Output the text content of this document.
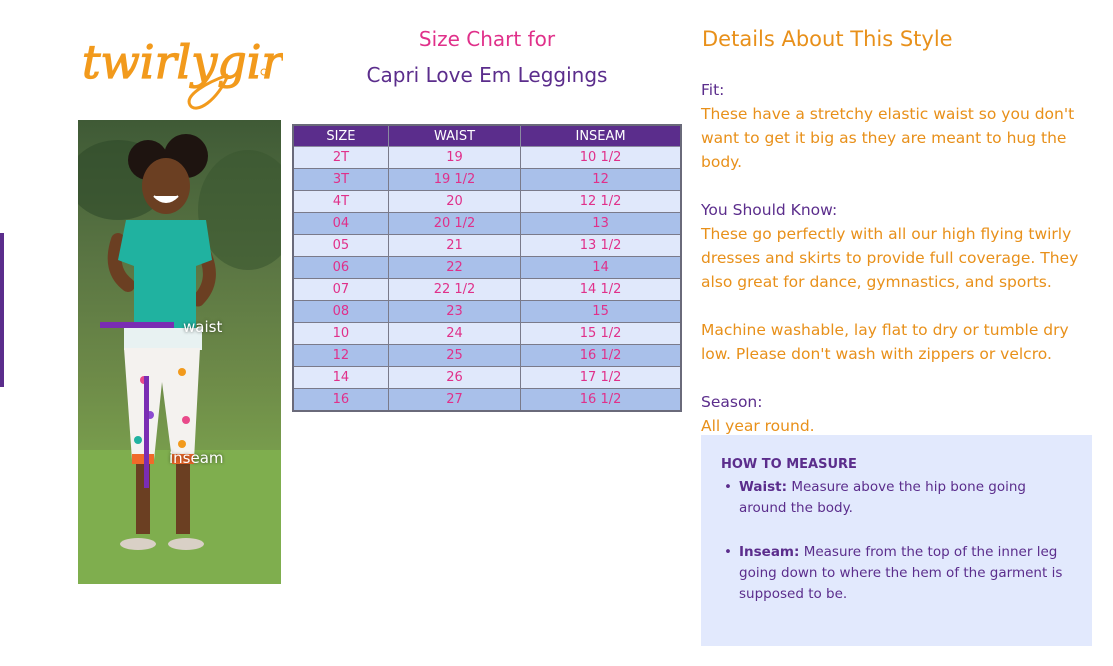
twirlygirl
waist
inseam
Size Chart for
Capri Love Em Leggings
SIZE	WAIST	INSEAM
2T	19	10 1/2
3T	19 1/2	12
4T	20	12 1/2
04	20 1/2	13
05	21	13 1/2
06	22	14
07	22 1/2	14 1/2
08	23	15
10	24	15 1/2
12	25	16 1/2
14	26	17 1/2
16	27	16 1/2
Details About This Style
Fit:
These have a stretchy elastic waist so you don't want to get it big as they are meant to hug the body.
You Should Know:
These go perfectly with all our high flying twirly dresses and skirts to provide full coverage. They also great for dance, gymnastics, and sports.
Machine washable, lay flat to dry or tumble dry low. Please don't wash with zippers or velcro.
Season:
All year round.
HOW TO MEASURE
• Waist: Measure above the hip bone going around the body.
• Inseam: Measure from the top of the inner leg going down to where the hem of the garment is supposed to be.
